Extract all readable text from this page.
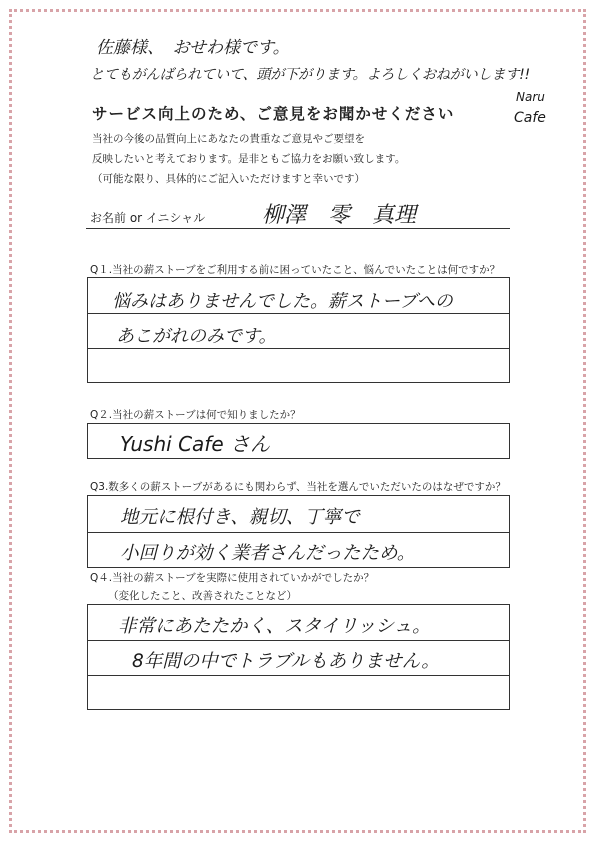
佐藤様、　おせわ様です。
とてもがんばられていて、頭が下がります。よろしくおねがいします!!
Naru
Cafe
サービス向上のため、ご意見をお聞かせください
当社の今後の品質向上にあなたの貴重なご意見やご要望を
反映したいと考えております。是非ともご協力をお願い致します。
（可能な限り、具体的にご記入いただけますと幸いです）
お名前 or イニシャル	柳澤　零　真理
Q１.当社の薪ストーブをご利用する前に困っていたこと、悩んでいたことは何ですか？
悩みはありませんでした。薪ストーブへの
あこがれのみです。
Q２.当社の薪ストーブは何で知りましたか？
Yushi Cafe さん
Q3.数多くの薪ストーブがあるにも関わらず、当社を選んでいただいたのはなぜですか？
地元に根付き、親切、丁寧で
小回りが効く業者さんだったため。
Q４.当社の薪ストーブを実際に使用されていかがでしたか？
（変化したこと、改善されたことなど）
非常にあたたかく、スタイリッシュ。
8年間の中でトラブルもありません。
